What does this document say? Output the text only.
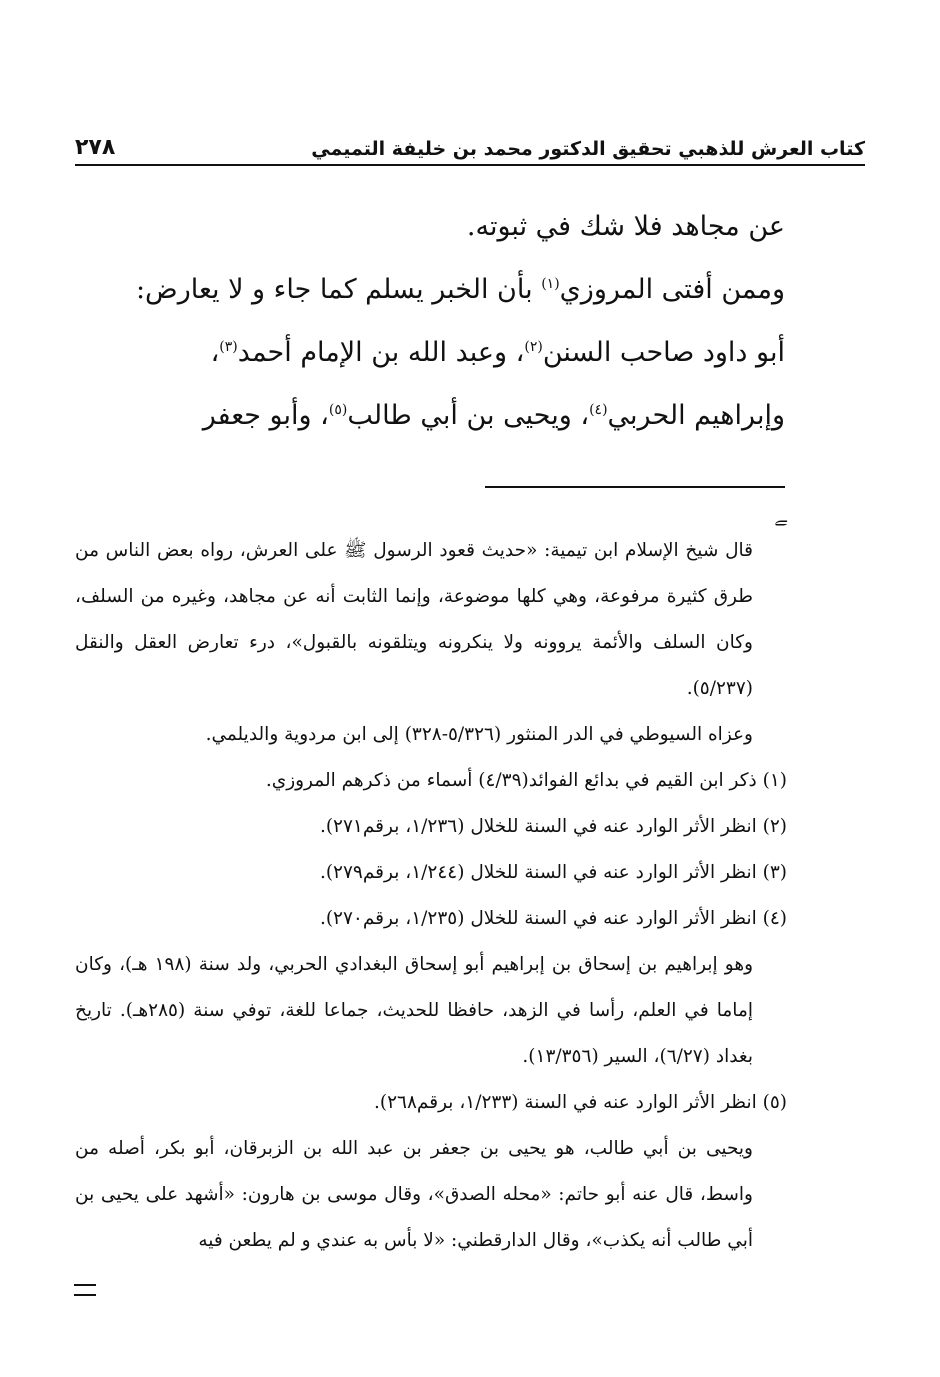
٢٧٨	كتاب العرش للذهبي تحقيق الدكتور محمد بن خليفة التميمي

عن مجاهد فلا شك في ثبوته.

وممن أفتى المروزي$^{(١)}$ بأن الخبر يسلم كما جاء و لا يعارض:

أبو داود صاحب السنن$^{(٢)}$، وعبد الله بن الإمام أحمد$^{(٣)}$،

وإبراهيم الحربي$^{(٤)}$، ويحيى بن أبي طالب$^{(٥)}$، وأبو جعفر

ﮯ

قال شيخ الإسلام ابن تيمية: «حديث قعود الرسول ﷺ على العرش، رواه بعض الناس من طرق كثيرة مرفوعة، وهي كلها موضوعة، وإنما الثابت أنه عن مجاهد، وغيره من السلف، وكان السلف والأئمة يروونه ولا ينكرونه ويتلقونه بالقبول»، درء تعارض العقل والنقل (٥/٢٣٧).

وعزاه السيوطي في الدر المنثور (٥/٣٢٦-٣٢٨) إلى ابن مردوية والديلمي.

(١) ذكر ابن القيم في بدائع الفوائد(٤/٣٩) أسماء من ذكرهم المروزي.

(٢) انظر الأثر الوارد عنه في السنة للخلال (١/٢٣٦، برقم٢٧١).

(٣) انظر الأثر الوارد عنه في السنة للخلال (١/٢٤٤، برقم٢٧٩).

(٤) انظر الأثر الوارد عنه في السنة للخلال (١/٢٣٥، برقم٢٧٠).

وهو إبراهيم بن إسحاق بن إبراهيم أبو إسحاق البغدادي الحربي، ولد سنة (١٩٨ هـ)، وكان إماما في العلم، رأسا في الزهد، حافظا للحديث، جماعا للغة، توفي سنة (٢٨٥هـ). تاريخ بغداد (٦/٢٧)، السير (١٣/٣٥٦).

(٥) انظر الأثر الوارد عنه في السنة (١/٢٣٣، برقم٢٦٨).

ويحيى بن أبي طالب، هو يحيى بن جعفر بن عبد الله بن الزبرقان، أبو بكر، أصله من واسط، قال عنه أبو حاتم: «محله الصدق»، وقال موسى بن هارون: «أشهد على يحيى بن أبي طالب أنه يكذب»، وقال الدارقطني: «لا بأس به عندي و لم يطعن فيه
